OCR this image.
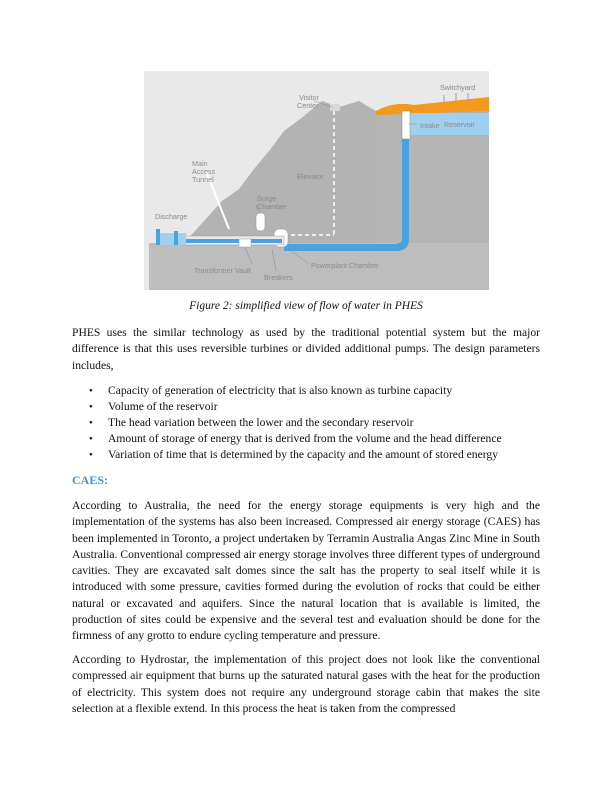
Switchyard
Visitor
Center
Intake Reservoir
Main
Access
Tunnel	Elevator
Surge
Chamber
Discharge
Transformer Vault
Breakers
Powerplant Chamber
Figure 2: simplified view of flow of water in PHES

PHES uses the similar technology as used by the traditional potential system but the major difference is that this uses reversible turbines or divided additional pumps. The design parameters includes,

• Capacity of generation of electricity that is also known as turbine capacity
• Volume of the reservoir
• The head variation between the lower and the secondary reservoir
• Amount of storage of energy that is derived from the volume and the head difference
• Variation of time that is determined by the capacity and the amount of stored energy
CAES:

According to Australia, the need for the energy storage equipments is very high and the implementation of the systems has also been increased. Compressed air energy storage (CAES) has been implemented in Toronto, a project undertaken by Terramin Australia Angas Zinc Mine in South Australia. Conventional compressed air energy storage involves three different types of underground cavities. They are excavated salt domes since the salt has the property to seal itself while it is introduced with some pressure, cavities formed during the evolution of rocks that could be either natural or excavated and aquifers. Since the natural location that is available is limited, the production of sites could be expensive and the several test and evaluation should be done for the firmness of any grotto to endure cycling temperature and pressure.

According to Hydrostar, the implementation of this project does not look like the conventional compressed air equipment that burns up the saturated natural gases with the heat for the production of electricity. This system does not require any underground storage cabin that makes the site selection at a flexible extend. In this process the heat is taken from the compressed
